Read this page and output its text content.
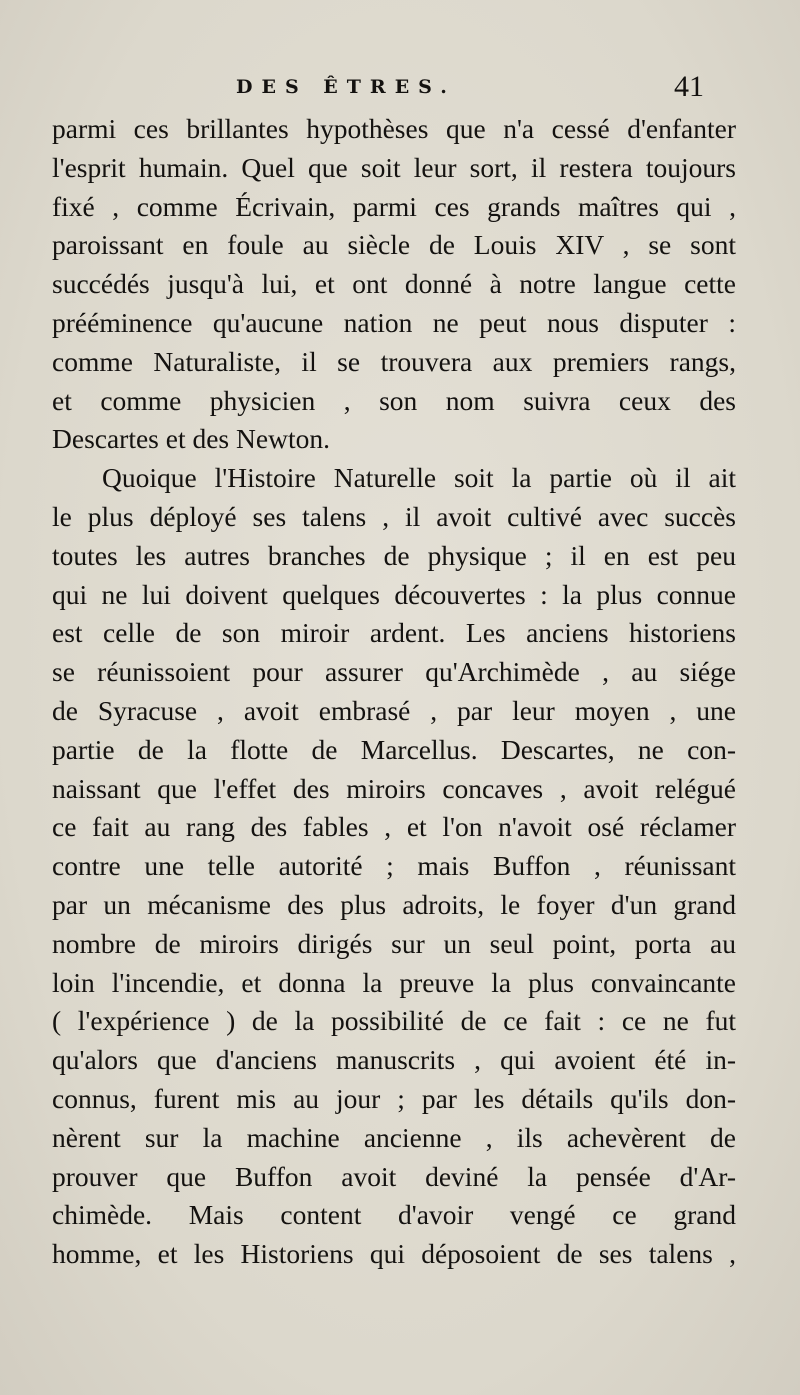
DES ÊTRES.	41
parmi ces brillantes hypothèses que n'a cessé d'enfanter
l'esprit humain. Quel que soit leur sort, il restera toujours
fixé , comme Écrivain, parmi ces grands maîtres qui ,
paroissant en foule au siècle de Louis XIV , se sont
succédés jusqu'à lui, et ont donné à notre langue cette
prééminence qu'aucune nation ne peut nous disputer :
comme Naturaliste, il se trouvera aux premiers rangs,
et comme physicien , son nom suivra ceux des
Descartes et des Newton.
Quoique l'Histoire Naturelle soit la partie où il ait
le plus déployé ses talens , il avoit cultivé avec succès
toutes les autres branches de physique ; il en est peu
qui ne lui doivent quelques découvertes : la plus connue
est celle de son miroir ardent. Les anciens historiens
se réunissoient pour assurer qu'Archimède , au siége
de Syracuse , avoit embrasé , par leur moyen , une
partie de la flotte de Marcellus. Descartes, ne con-
naissant que l'effet des miroirs concaves , avoit relégué
ce fait au rang des fables , et l'on n'avoit osé réclamer
contre une telle autorité ; mais Buffon , réunissant
par un mécanisme des plus adroits, le foyer d'un grand
nombre de miroirs dirigés sur un seul point, porta au
loin l'incendie, et donna la preuve la plus convaincante
( l'expérience ) de la possibilité de ce fait : ce ne fut
qu'alors que d'anciens manuscrits , qui avoient été in-
connus, furent mis au jour ; par les détails qu'ils don-
nèrent sur la machine ancienne , ils achevèrent de
prouver que Buffon avoit deviné la pensée d'Ar-
chimède. Mais content d'avoir vengé ce grand
homme, et les Historiens qui déposoient de ses talens ,
